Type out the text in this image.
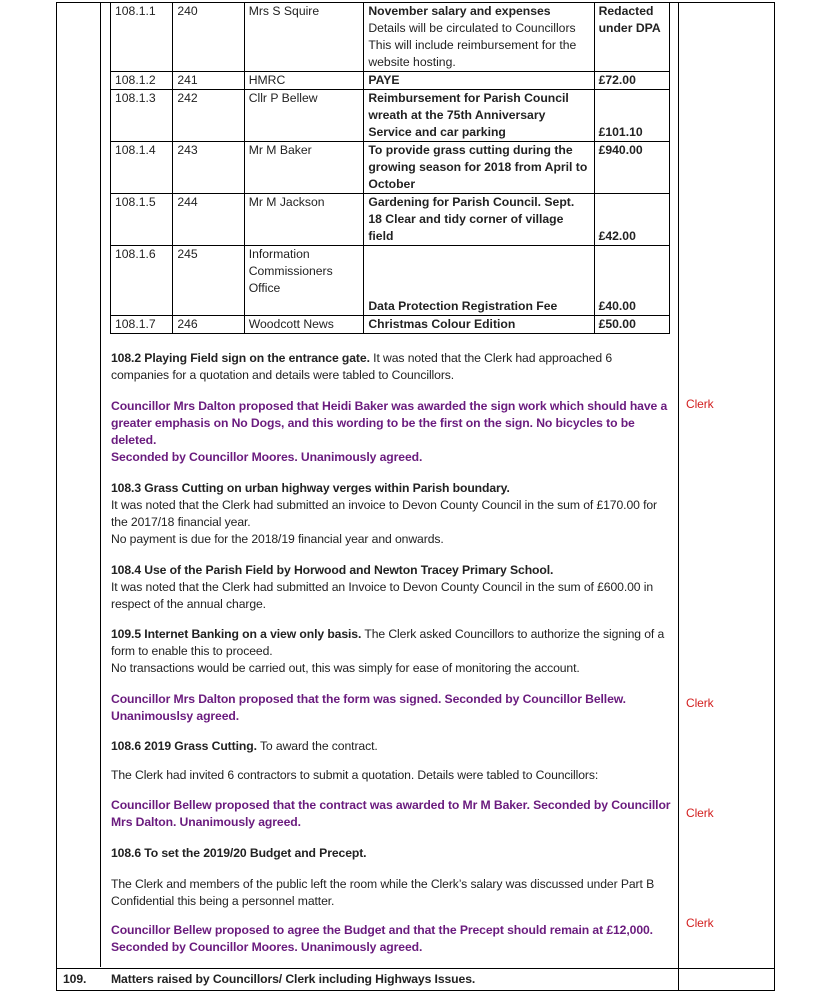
108.1.1	240	Mrs S Squire	November salary and expenses
Details will be circulated to Councillors
This will include reimbursement for the
website hosting.	Redacted under DPA
108.1.2	241	HMRC	PAYE	£72.00
108.1.3	242	Cllr P Bellew	Reimbursement for Parish Council wreath at the 75th Anniversary Service and car parking	£101.10
108.1.4	243	Mr M Baker	To provide grass cutting during the growing season for 2018 from April to October	£940.00
108.1.5	244	Mr M Jackson	Gardening for Parish Council. Sept. 18 Clear and tidy corner of village field	£42.00
108.1.6	245	Information Commissioners Office	Data Protection Registration Fee	£40.00
108.1.7	246	Woodcott News	Christmas Colour Edition	£50.00
108.2 Playing Field sign on the entrance gate. It was noted that the Clerk had approached 6 companies for a quotation and details were tabled to Councillors.
Councillor Mrs Dalton proposed that Heidi Baker was awarded the sign work which should have a greater emphasis on No Dogs, and this wording to be the first on the sign. No bicycles to be deleted.
Seconded by Councillor Moores. Unanimously agreed.
Clerk
108.3 Grass Cutting on urban highway verges within Parish boundary.
It was noted that the Clerk had submitted an invoice to Devon County Council in the sum of £170.00 for the 2017/18 financial year.
No payment is due for the 2018/19 financial year and onwards.
108.4 Use of the Parish Field by Horwood and Newton Tracey Primary School.
It was noted that the Clerk had submitted an Invoice to Devon County Council in the sum of £600.00 in respect of the annual charge.
109.5 Internet Banking on a view only basis. The Clerk asked Councillors to authorize the signing of a form to enable this to proceed.
No transactions would be carried out, this was simply for ease of monitoring the account.
Councillor Mrs Dalton proposed that the form was signed. Seconded by Councillor Bellew. Unanimouslsy agreed.
Clerk
108.6 2019 Grass Cutting. To award the contract.
The Clerk had invited 6 contractors to submit a quotation. Details were tabled to Councillors:
Councillor Bellew proposed that the contract was awarded to Mr M Baker. Seconded by Councillor Mrs Dalton. Unanimously agreed.
Clerk
108.6 To set the 2019/20 Budget and Precept.
The Clerk and members of the public left the room while the Clerk’s salary was discussed under Part B Confidential this being a personnel matter.
Councillor Bellew proposed to agree the Budget and that the Precept should remain at £12,000. Seconded by Councillor Moores. Unanimously agreed.
Clerk
109. Matters raised by Councillors/ Clerk including Highways Issues.
